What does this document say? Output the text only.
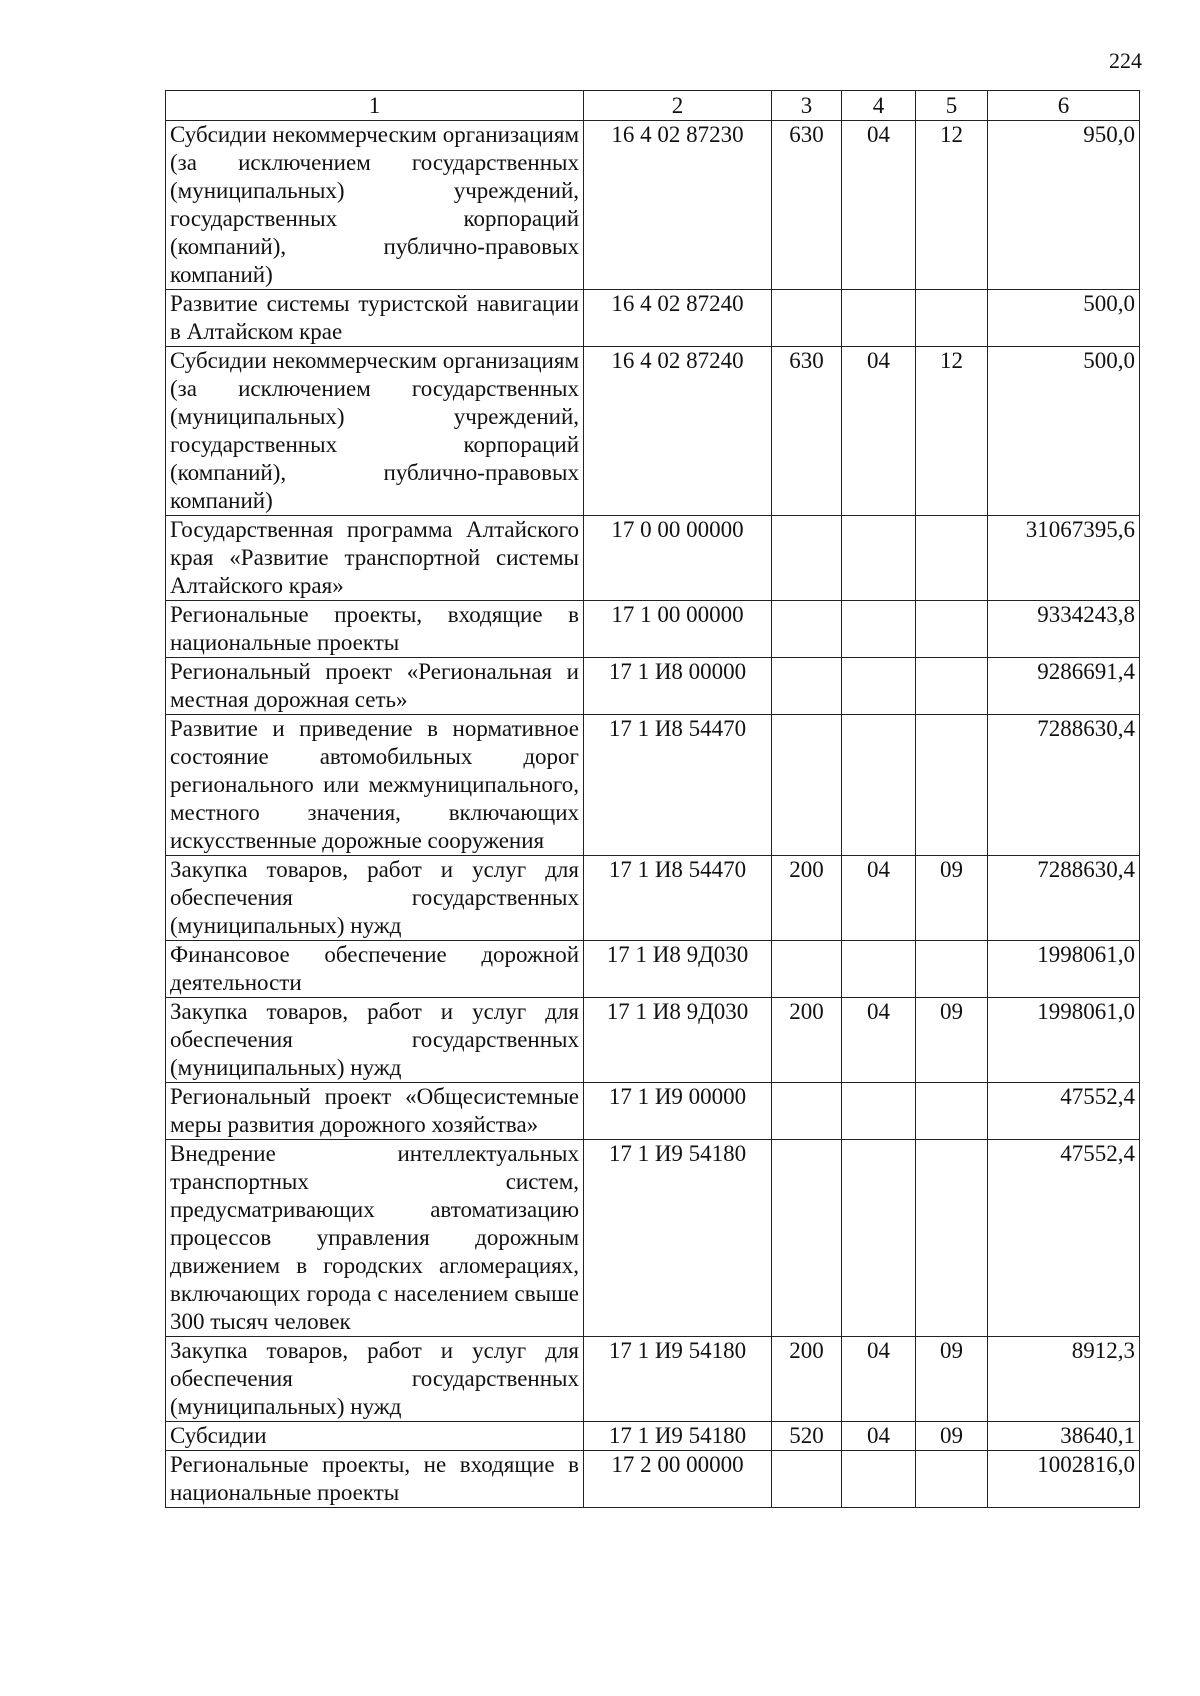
224
1	2	3	4	5	6
Субсидии некоммерческим организациям (за исключением государственных (муниципальных) учреждений, государственных корпораций (компаний), публично-правовых компаний)	16 4 02 87230	630	04	12	950,0
Развитие системы туристской навигации в Алтайском крае	16 4 02 87240				500,0
Субсидии некоммерческим организациям (за исключением государственных (муниципальных) учреждений, государственных корпораций (компаний), публично-правовых компаний)	16 4 02 87240	630	04	12	500,0
Государственная программа Алтайского края «Развитие транспортной системы Алтайского края»	17 0 00 00000				31067395,6
Региональные проекты, входящие в национальные проекты	17 1 00 00000				9334243,8
Региональный проект «Региональная и местная дорожная сеть»	17 1 И8 00000				9286691,4
Развитие и приведение в нормативное состояние автомобильных дорог регионального или межмуниципального, местного значения, включающих искусственные дорожные сооружения	17 1 И8 54470				7288630,4
Закупка товаров, работ и услуг для обеспечения государственных (муниципальных) нужд	17 1 И8 54470	200	04	09	7288630,4
Финансовое обеспечение дорожной деятельности	17 1 И8 9Д030				1998061,0
Закупка товаров, работ и услуг для обеспечения государственных (муниципальных) нужд	17 1 И8 9Д030	200	04	09	1998061,0
Региональный проект «Общесистемные меры развития дорожного хозяйства»	17 1 И9 00000				47552,4
Внедрение интеллектуальных транспортных систем, предусматривающих автоматизацию процессов управления дорожным движением в городских агломерациях, включающих города с населением свыше 300 тысяч человек	17 1 И9 54180				47552,4
Закупка товаров, работ и услуг для обеспечения государственных (муниципальных) нужд	17 1 И9 54180	200	04	09	8912,3
Субсидии	17 1 И9 54180	520	04	09	38640,1
Региональные проекты, не входящие в национальные проекты	17 2 00 00000				1002816,0
